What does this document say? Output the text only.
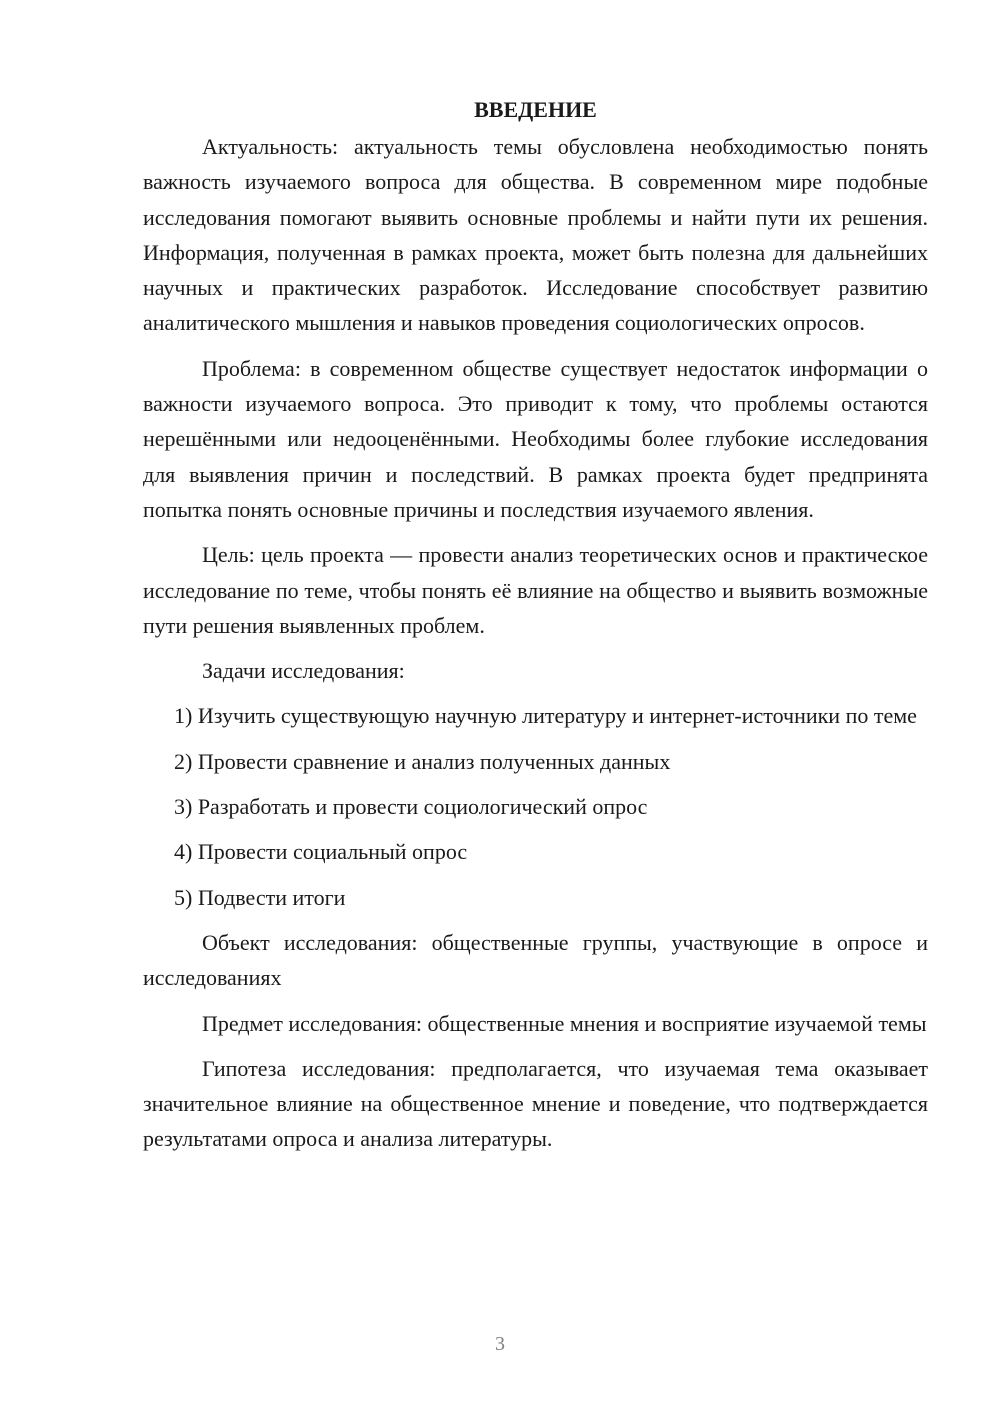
ВВЕДЕНИЕ

Актуальность: актуальность темы обусловлена необходимостью понять важность изучаемого вопроса для общества. В современном мире подобные исследования помогают выявить основные проблемы и найти пути их решения. Информация, полученная в рамках проекта, может быть полезна для дальнейших научных и практических разработок. Исследование способствует развитию аналитического мышления и навыков проведения социологических опросов.

Проблема: в современном обществе существует недостаток информации о важности изучаемого вопроса. Это приводит к тому, что проблемы остаются нерешёнными или недооценёнными. Необходимы более глубокие исследования для выявления причин и последствий. В рамках проекта будет предпринята попытка понять основные причины и последствия изучаемого явления.

Цель: цель проекта — провести анализ теоретических основ и практическое исследование по теме, чтобы понять её влияние на общество и выявить возможные пути решения выявленных проблем.

Задачи исследования:

1) Изучить существующую научную литературу и интернет-источники по теме

2) Провести сравнение и анализ полученных данных

3) Разработать и провести социологический опрос

4) Провести социальный опрос

5) Подвести итоги

Объект исследования: общественные группы, участвующие в опросе и исследованиях

Предмет исследования: общественные мнения и восприятие изучаемой темы

Гипотеза исследования: предполагается, что изучаемая тема оказывает значительное влияние на общественное мнение и поведение, что подтверждается результатами опроса и анализа литературы.

3
